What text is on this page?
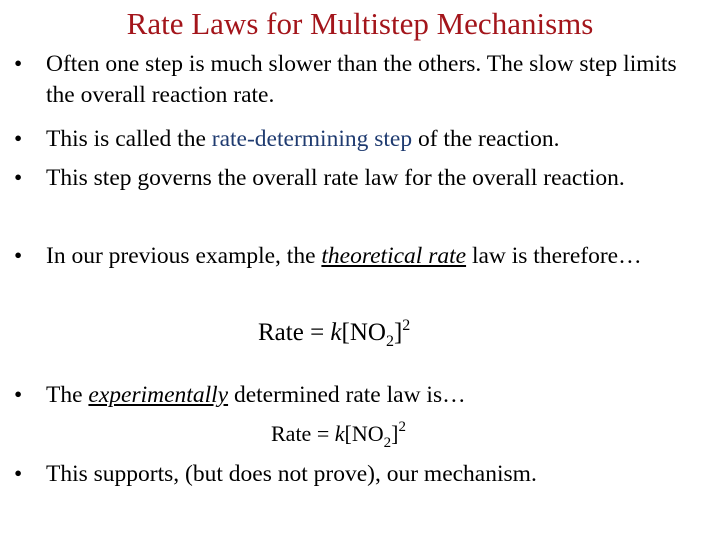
Rate Laws for Multistep Mechanisms
•	Often one step is much slower than the others. The slow step limits the overall reaction rate.
•	This is called the rate-determining step of the reaction.
•	This step governs the overall rate law for the overall reaction.
•	In our previous example, the theoretical rate law is therefore…
Rate = $k[NO_2]^2$
•	The experimentally determined rate law is…
Rate = $k[NO_2]^2$
•	This supports, (but does not prove), our mechanism.
